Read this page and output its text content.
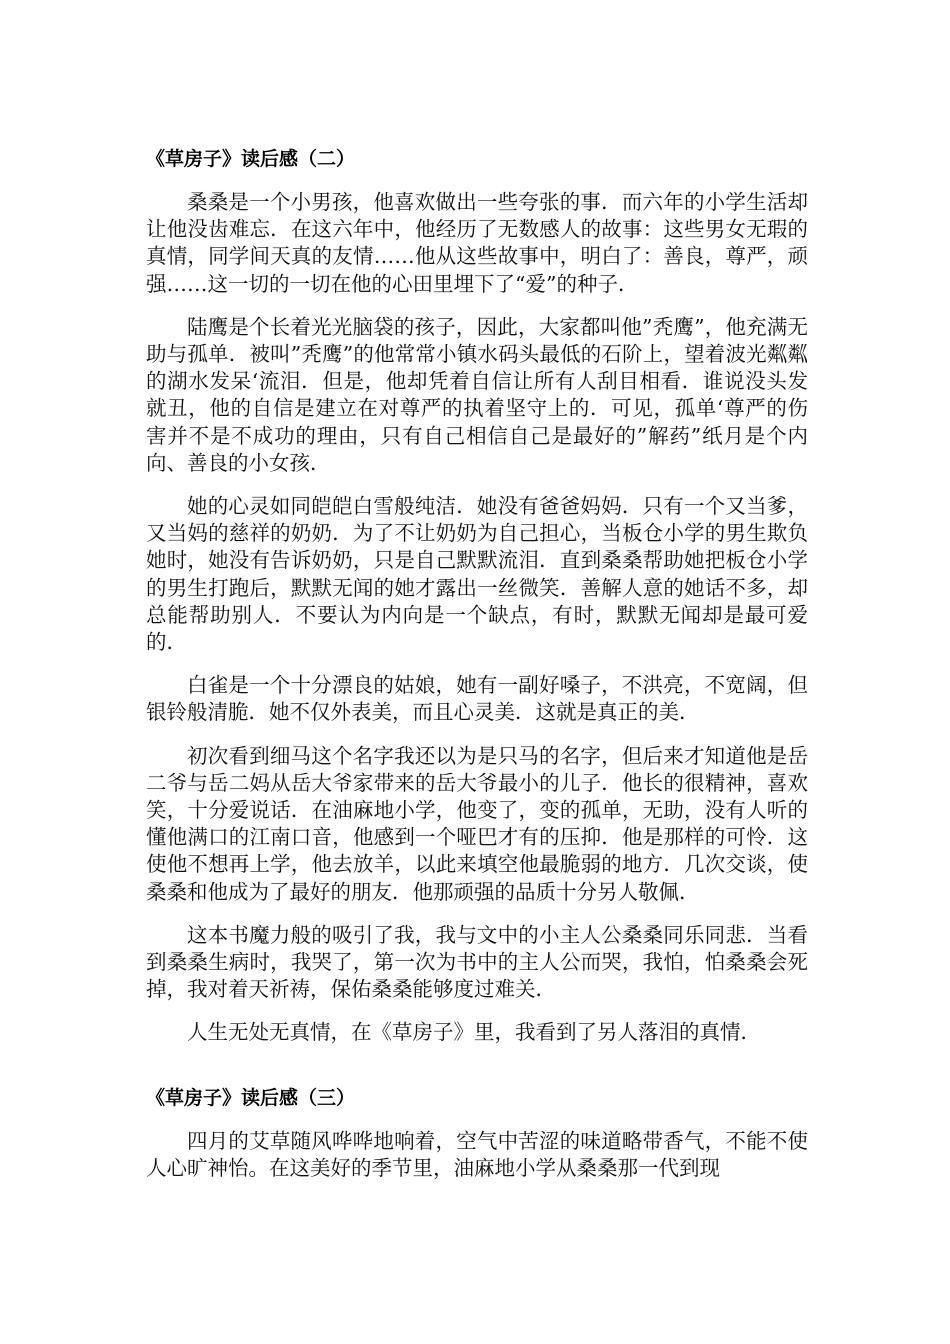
《草房子》读后感（二）

桑桑是一个小男孩，他喜欢做出一些夸张的事．而六年的小学生活却让他没齿难忘．在这六年中，他经历了无数感人的故事：这些男女无瑕的真情，同学间天真的友情……他从这些故事中，明白了：善良，尊严，顽强……这一切的一切在他的心田里埋下了“爱”的种子．

陆鹰是个长着光光脑袋的孩子，因此，大家都叫他”秃鹰”，他充满无助与孤单．被叫”秃鹰”的他常常小镇水码头最低的石阶上，望着波光粼粼的湖水发呆‘流泪．但是，他却凭着自信让所有人刮目相看．谁说没头发就丑，他的自信是建立在对尊严的执着坚守上的．可见，孤单‘尊严的伤害并不是不成功的理由，只有自己相信自己是最好的”解药”纸月是个内向、善良的小女孩．

她的心灵如同皑皑白雪般纯洁．她没有爸爸妈妈．只有一个又当爹，又当妈的慈祥的奶奶．为了不让奶奶为自己担心，当板仓小学的男生欺负她时，她没有告诉奶奶，只是自己默默流泪．直到桑桑帮助她把板仓小学的男生打跑后，默默无闻的她才露出一丝微笑．善解人意的她话不多，却总能帮助别人．不要认为内向是一个缺点，有时，默默无闻却是最可爱的．

白雀是一个十分漂良的姑娘，她有一副好嗓子，不洪亮，不宽阔，但银铃般清脆．她不仅外表美，而且心灵美．这就是真正的美．

初次看到细马这个名字我还以为是只马的名字，但后来才知道他是岳二爷与岳二妈从岳大爷家带来的岳大爷最小的儿子．他长的很精神，喜欢笑，十分爱说话．在油麻地小学，他变了，变的孤单，无助，没有人听的懂他满口的江南口音，他感到一个哑巴才有的压抑．他是那样的可怜．这使他不想再上学，他去放羊，以此来填空他最脆弱的地方．几次交谈，使桑桑和他成为了最好的朋友．他那顽强的品质十分另人敬佩．

这本书魔力般的吸引了我，我与文中的小主人公桑桑同乐同悲．当看到桑桑生病时，我哭了，第一次为书中的主人公而哭，我怕，怕桑桑会死掉，我对着天祈祷，保佑桑桑能够度过难关．

人生无处无真情，在《草房子》里，我看到了另人落泪的真情．

《草房子》读后感（三）

四月的艾草随风哗哗地响着，空气中苦涩的味道略带香气，不能不使人心旷神怡。在这美好的季节里，油麻地小学从桑桑那一代到现
